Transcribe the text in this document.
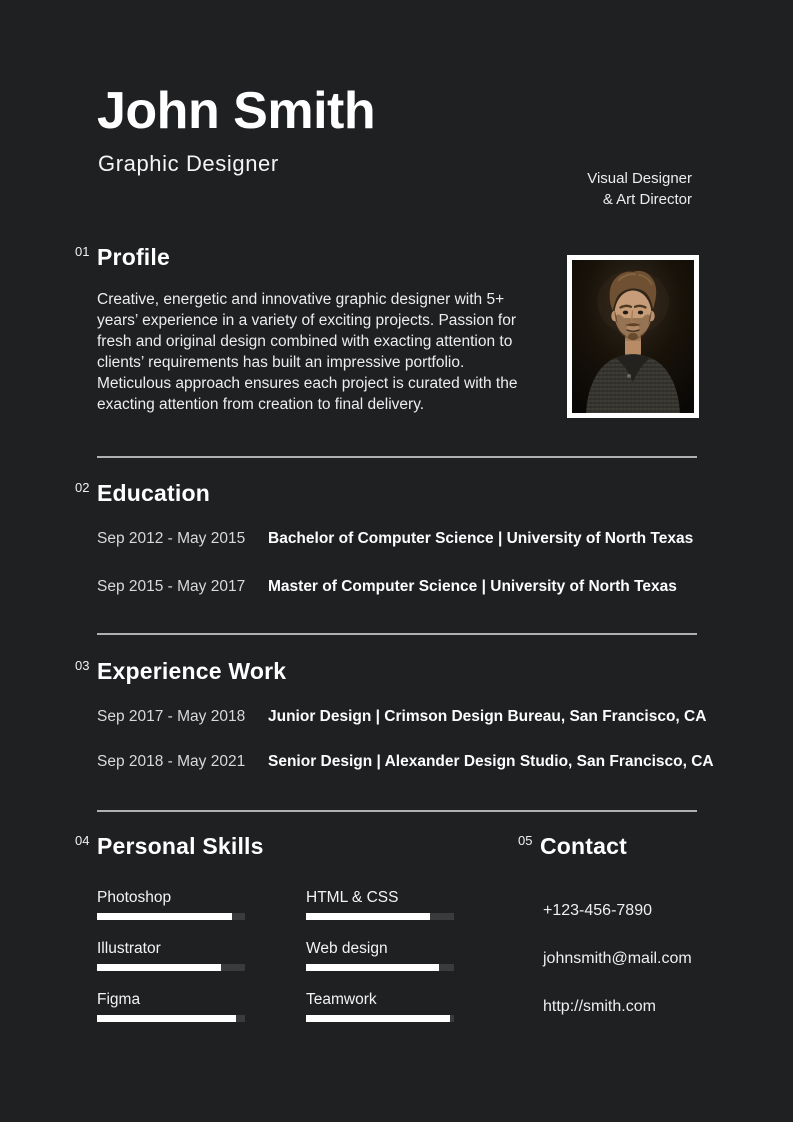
John Smith
Graphic Designer
Visual Designer
& Art Director
01 Profile
Creative, energetic and innovative graphic designer with 5+ years’ experience in a variety of exciting projects. Passion for fresh and original design combined with exacting attention to clients’ requirements has built an impressive portfolio. Meticulous approach ensures each project is curated with the exacting attention from creation to final delivery.
02 Education
Sep 2012 - May 2015 Bachelor of Computer Science | University of North Texas
Sep 2015 - May 2017 Master of Computer Science | University of North Texas
03 Experience Work
Sep 2017 - May 2018 Junior Design | Crimson Design Bureau, San Francisco, CA
Sep 2018 - May 2021 Senior Design | Alexander Design Studio, San Francisco, CA
04 Personal Skills
Photoshop	HTML & CSS
Illustrator	Web design
Figma	Teamwork
05 Contact
+123-456-7890
johnsmith@mail.com
http://smith.com
